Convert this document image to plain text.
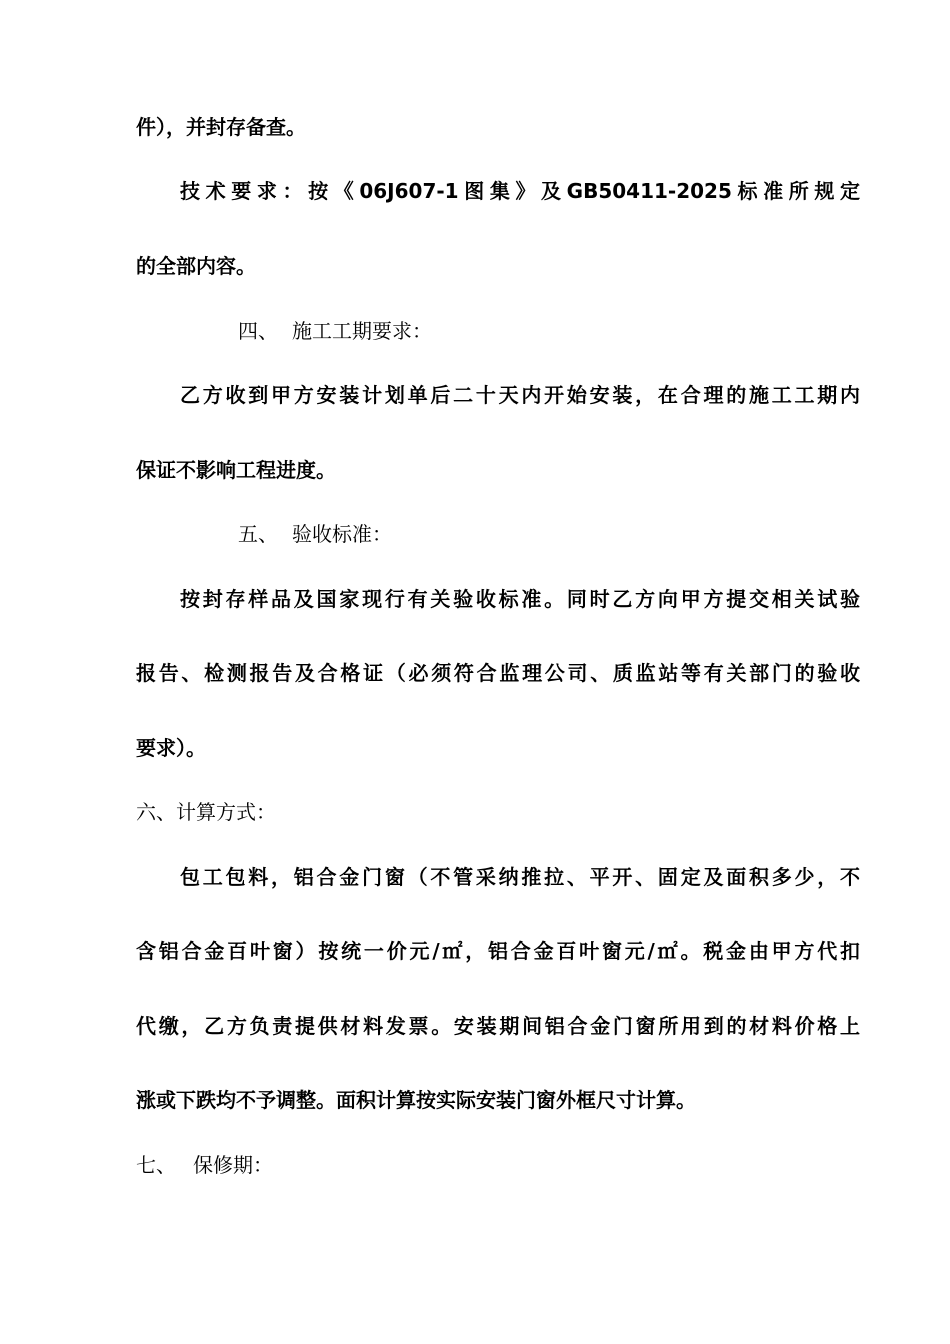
件），并封存备查。
技术要求：按《06J607-1图集》及GB50411-2025标准所规定
的全部内容。
四、 施工工期要求：
乙方收到甲方安装计划单后二十天内开始安装，在合理的施工工期内
保证不影响工程进度。
五、 验收标准：
按封存样品及国家现行有关验收标准。同时乙方向甲方提交相关试验
报告、检测报告及合格证（必须符合监理公司、质监站等有关部门的验收
要求）。
六、计算方式：
包工包料，铝合金门窗（不管采纳推拉、平开、固定及面积多少，不
含铝合金百叶窗）按统一价元/㎡，铝合金百叶窗元/㎡。税金由甲方代扣
代缴，乙方负责提供材料发票。安装期间铝合金门窗所用到的材料价格上
涨或下跌均不予调整。面积计算按实际安装门窗外框尺寸计算。
七、 保修期：
